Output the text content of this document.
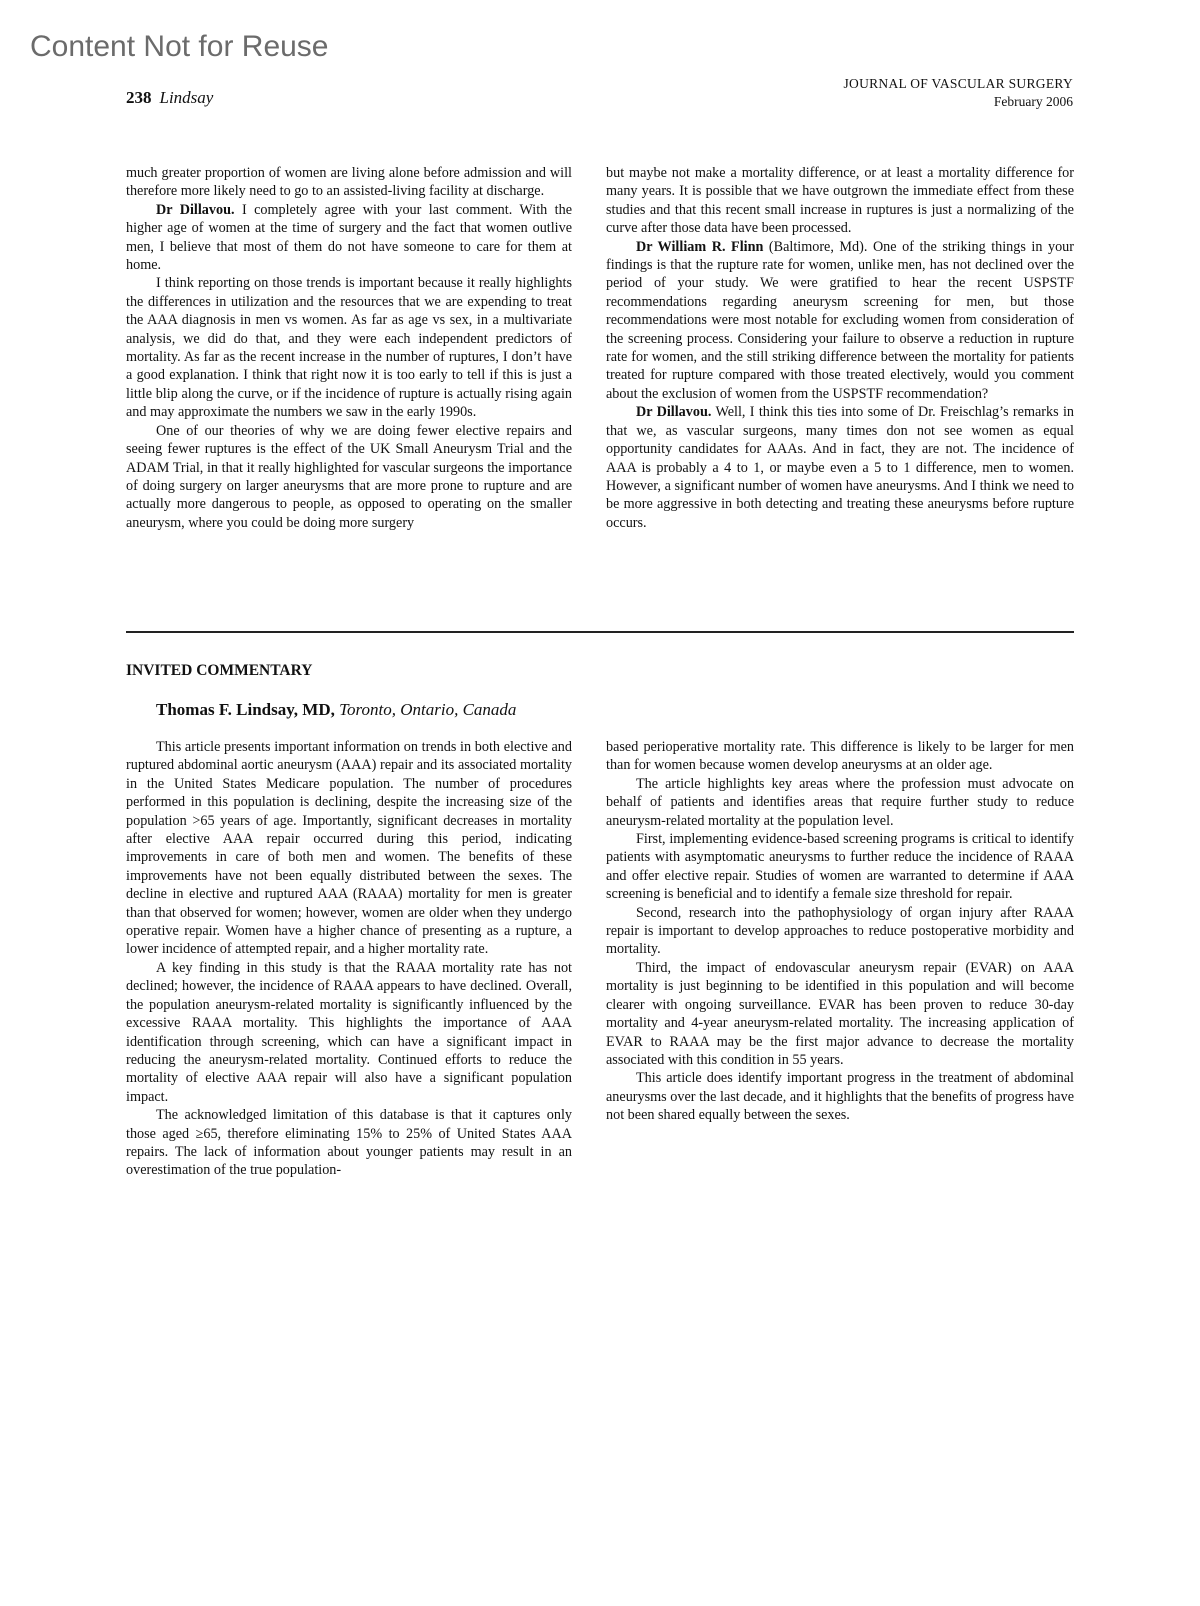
Content Not for Reuse
238 Lindsay
JOURNAL OF VASCULAR SURGERY
February 2006

much greater proportion of women are living alone before admission and will therefore more likely need to go to an assisted-living facility at discharge.

Dr Dillavou. I completely agree with your last comment. With the higher age of women at the time of surgery and the fact that women outlive men, I believe that most of them do not have someone to care for them at home.

I think reporting on those trends is important because it really highlights the differences in utilization and the resources that we are expending to treat the AAA diagnosis in men vs women. As far as age vs sex, in a multivariate analysis, we did do that, and they were each independent predictors of mortality. As far as the recent increase in the number of ruptures, I don’t have a good explanation. I think that right now it is too early to tell if this is just a little blip along the curve, or if the incidence of rupture is actually rising again and may approximate the numbers we saw in the early 1990s.

One of our theories of why we are doing fewer elective repairs and seeing fewer ruptures is the effect of the UK Small Aneurysm Trial and the ADAM Trial, in that it really highlighted for vascular surgeons the importance of doing surgery on larger aneurysms that are more prone to rupture and are actually more dangerous to people, as opposed to operating on the smaller aneurysm, where you could be doing more surgery

but maybe not make a mortality difference, or at least a mortality difference for many years. It is possible that we have outgrown the immediate effect from these studies and that this recent small increase in ruptures is just a normalizing of the curve after those data have been processed.

Dr William R. Flinn (Baltimore, Md). One of the striking things in your findings is that the rupture rate for women, unlike men, has not declined over the period of your study. We were gratified to hear the recent USPSTF recommendations regarding aneurysm screening for men, but those recommendations were most notable for excluding women from consideration of the screening process. Considering your failure to observe a reduction in rupture rate for women, and the still striking difference between the mortality for patients treated for rupture compared with those treated electively, would you comment about the exclusion of women from the USPSTF recommendation?

Dr Dillavou. Well, I think this ties into some of Dr. Freischlag’s remarks in that we, as vascular surgeons, many times don not see women as equal opportunity candidates for AAAs. And in fact, they are not. The incidence of AAA is probably a 4 to 1, or maybe even a 5 to 1 difference, men to women. However, a significant number of women have aneurysms. And I think we need to be more aggressive in both detecting and treating these aneurysms before rupture occurs.

INVITED COMMENTARY
Thomas F. Lindsay, MD, Toronto, Ontario, Canada

This article presents important information on trends in both elective and ruptured abdominal aortic aneurysm (AAA) repair and its associated mortality in the United States Medicare population. The number of procedures performed in this population is declining, despite the increasing size of the population >65 years of age. Importantly, significant decreases in mortality after elective AAA repair occurred during this period, indicating improvements in care of both men and women. The benefits of these improvements have not been equally distributed between the sexes. The decline in elective and ruptured AAA (RAAA) mortality for men is greater than that observed for women; however, women are older when they undergo operative repair. Women have a higher chance of presenting as a rupture, a lower incidence of attempted repair, and a higher mortality rate.

A key finding in this study is that the RAAA mortality rate has not declined; however, the incidence of RAAA appears to have declined. Overall, the population aneurysm-related mortality is significantly influenced by the excessive RAAA mortality. This highlights the importance of AAA identification through screening, which can have a significant impact in reducing the aneurysm-related mortality. Continued efforts to reduce the mortality of elective AAA repair will also have a significant population impact.

The acknowledged limitation of this database is that it captures only those aged ≥65, therefore eliminating 15% to 25% of United States AAA repairs. The lack of information about younger patients may result in an overestimation of the true population-

based perioperative mortality rate. This difference is likely to be larger for men than for women because women develop aneurysms at an older age.

The article highlights key areas where the profession must advocate on behalf of patients and identifies areas that require further study to reduce aneurysm-related mortality at the population level.

First, implementing evidence-based screening programs is critical to identify patients with asymptomatic aneurysms to further reduce the incidence of RAAA and offer elective repair. Studies of women are warranted to determine if AAA screening is beneficial and to identify a female size threshold for repair.

Second, research into the pathophysiology of organ injury after RAAA repair is important to develop approaches to reduce postoperative morbidity and mortality.

Third, the impact of endovascular aneurysm repair (EVAR) on AAA mortality is just beginning to be identified in this population and will become clearer with ongoing surveillance. EVAR has been proven to reduce 30-day mortality and 4-year aneurysm-related mortality. The increasing application of EVAR to RAAA may be the first major advance to decrease the mortality associated with this condition in 55 years.

This article does identify important progress in the treatment of abdominal aneurysms over the last decade, and it highlights that the benefits of progress have not been shared equally between the sexes.
